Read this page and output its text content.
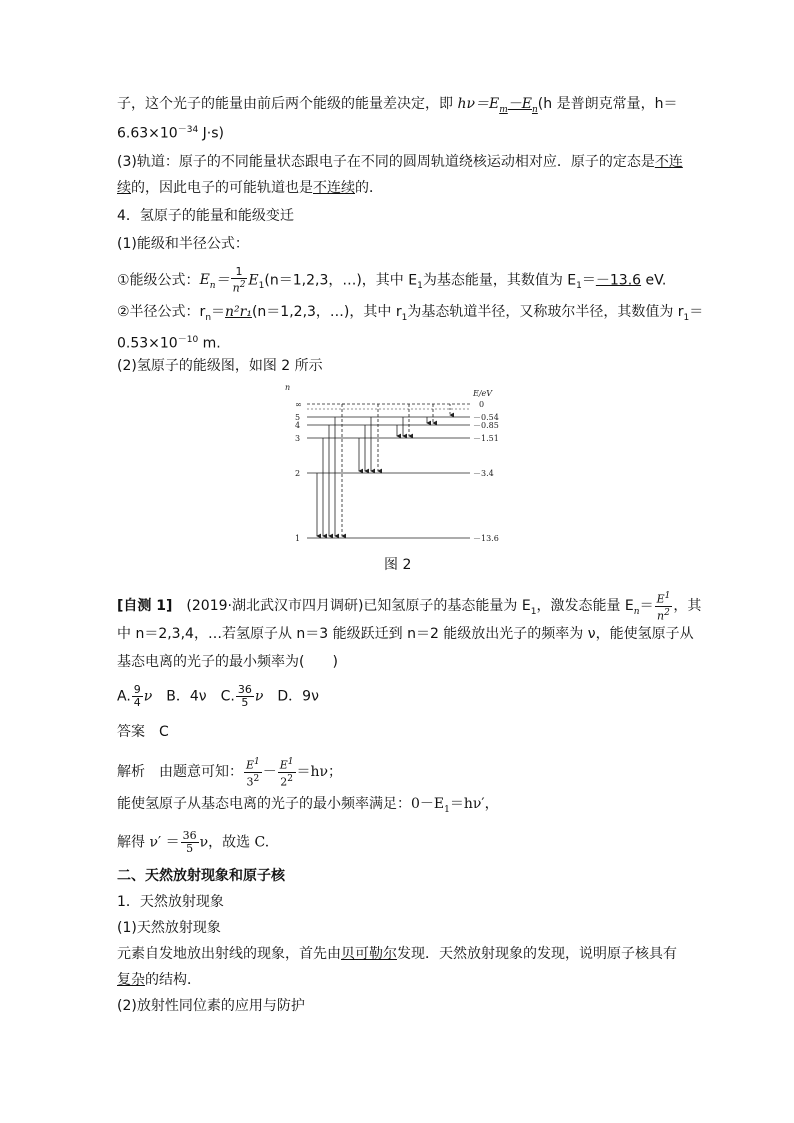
子，这个光子的能量由前后两个能级的能量差决定，即 $h\nu=E_m-E_n(h$ 是普朗克常量，h＝
$6.63\times 10^{-34}$ J·s)
(3)轨道：原子的不同能量状态跟电子在不同的圆周轨道绕核运动相对应．原子的定态是不连
续的，因此电子的可能轨道也是不连续的．
4．氢原子的能量和能级变迁
(1)能级和半径公式：
①能级公式：$E_n= \frac{1}{n^2} E_1(n=1,2,3$，…)，其中 $E_1$为基态能量，其数值为 $E_1=-13.6$ eV.
②半径公式：$r_n=n^2r_1(n=1,2,3$，…)，其中 $r_1$为基态轨道半径，又称玻尔半径，其数值为 $r_1=$
$0.53\times 10^{-10}$ m.
(2)氢原子的能级图，如图 2 所示
n
E/eV
∞
5
4
3
2
1
0
－0.54
－0.85
－1.51
－3.4
－13.6
图 2
[自测 1]　 (2019·湖北武汉市四月调研)已知氢原子的基态能量为 $E_1$，激发态能量 $E_n= \frac{E^1}{n^2}$ ，其
中 n＝2,3,4，…若氢原子从 n＝3 能级跃迁到 n＝2 能级放出光子的频率为 ν，能使氢原子从
基态电离的光子的最小频率为(　　)
A. $\frac{9}{4}$ ν　 B．4ν　 C. $\frac{36}{5}$ ν　 D．9ν
答案　 C
解析　 由题意可知： $\frac{E^1}{3^2} - \frac{E^1}{2^2} =h\nu$；
能使氢原子从基态电离的光子的最小频率满足：$0-E_1=h\nu'$，
解得 $\nu' = \frac{36}{5}$ ν，故选 C.
二、天然放射现象和原子核
1．天然放射现象
(1)天然放射现象
元素自发地放出射线的现象，首先由贝可勒尔发现．天然放射现象的发现，说明原子核具有
复杂的结构．
(2)放射性同位素的应用与防护
